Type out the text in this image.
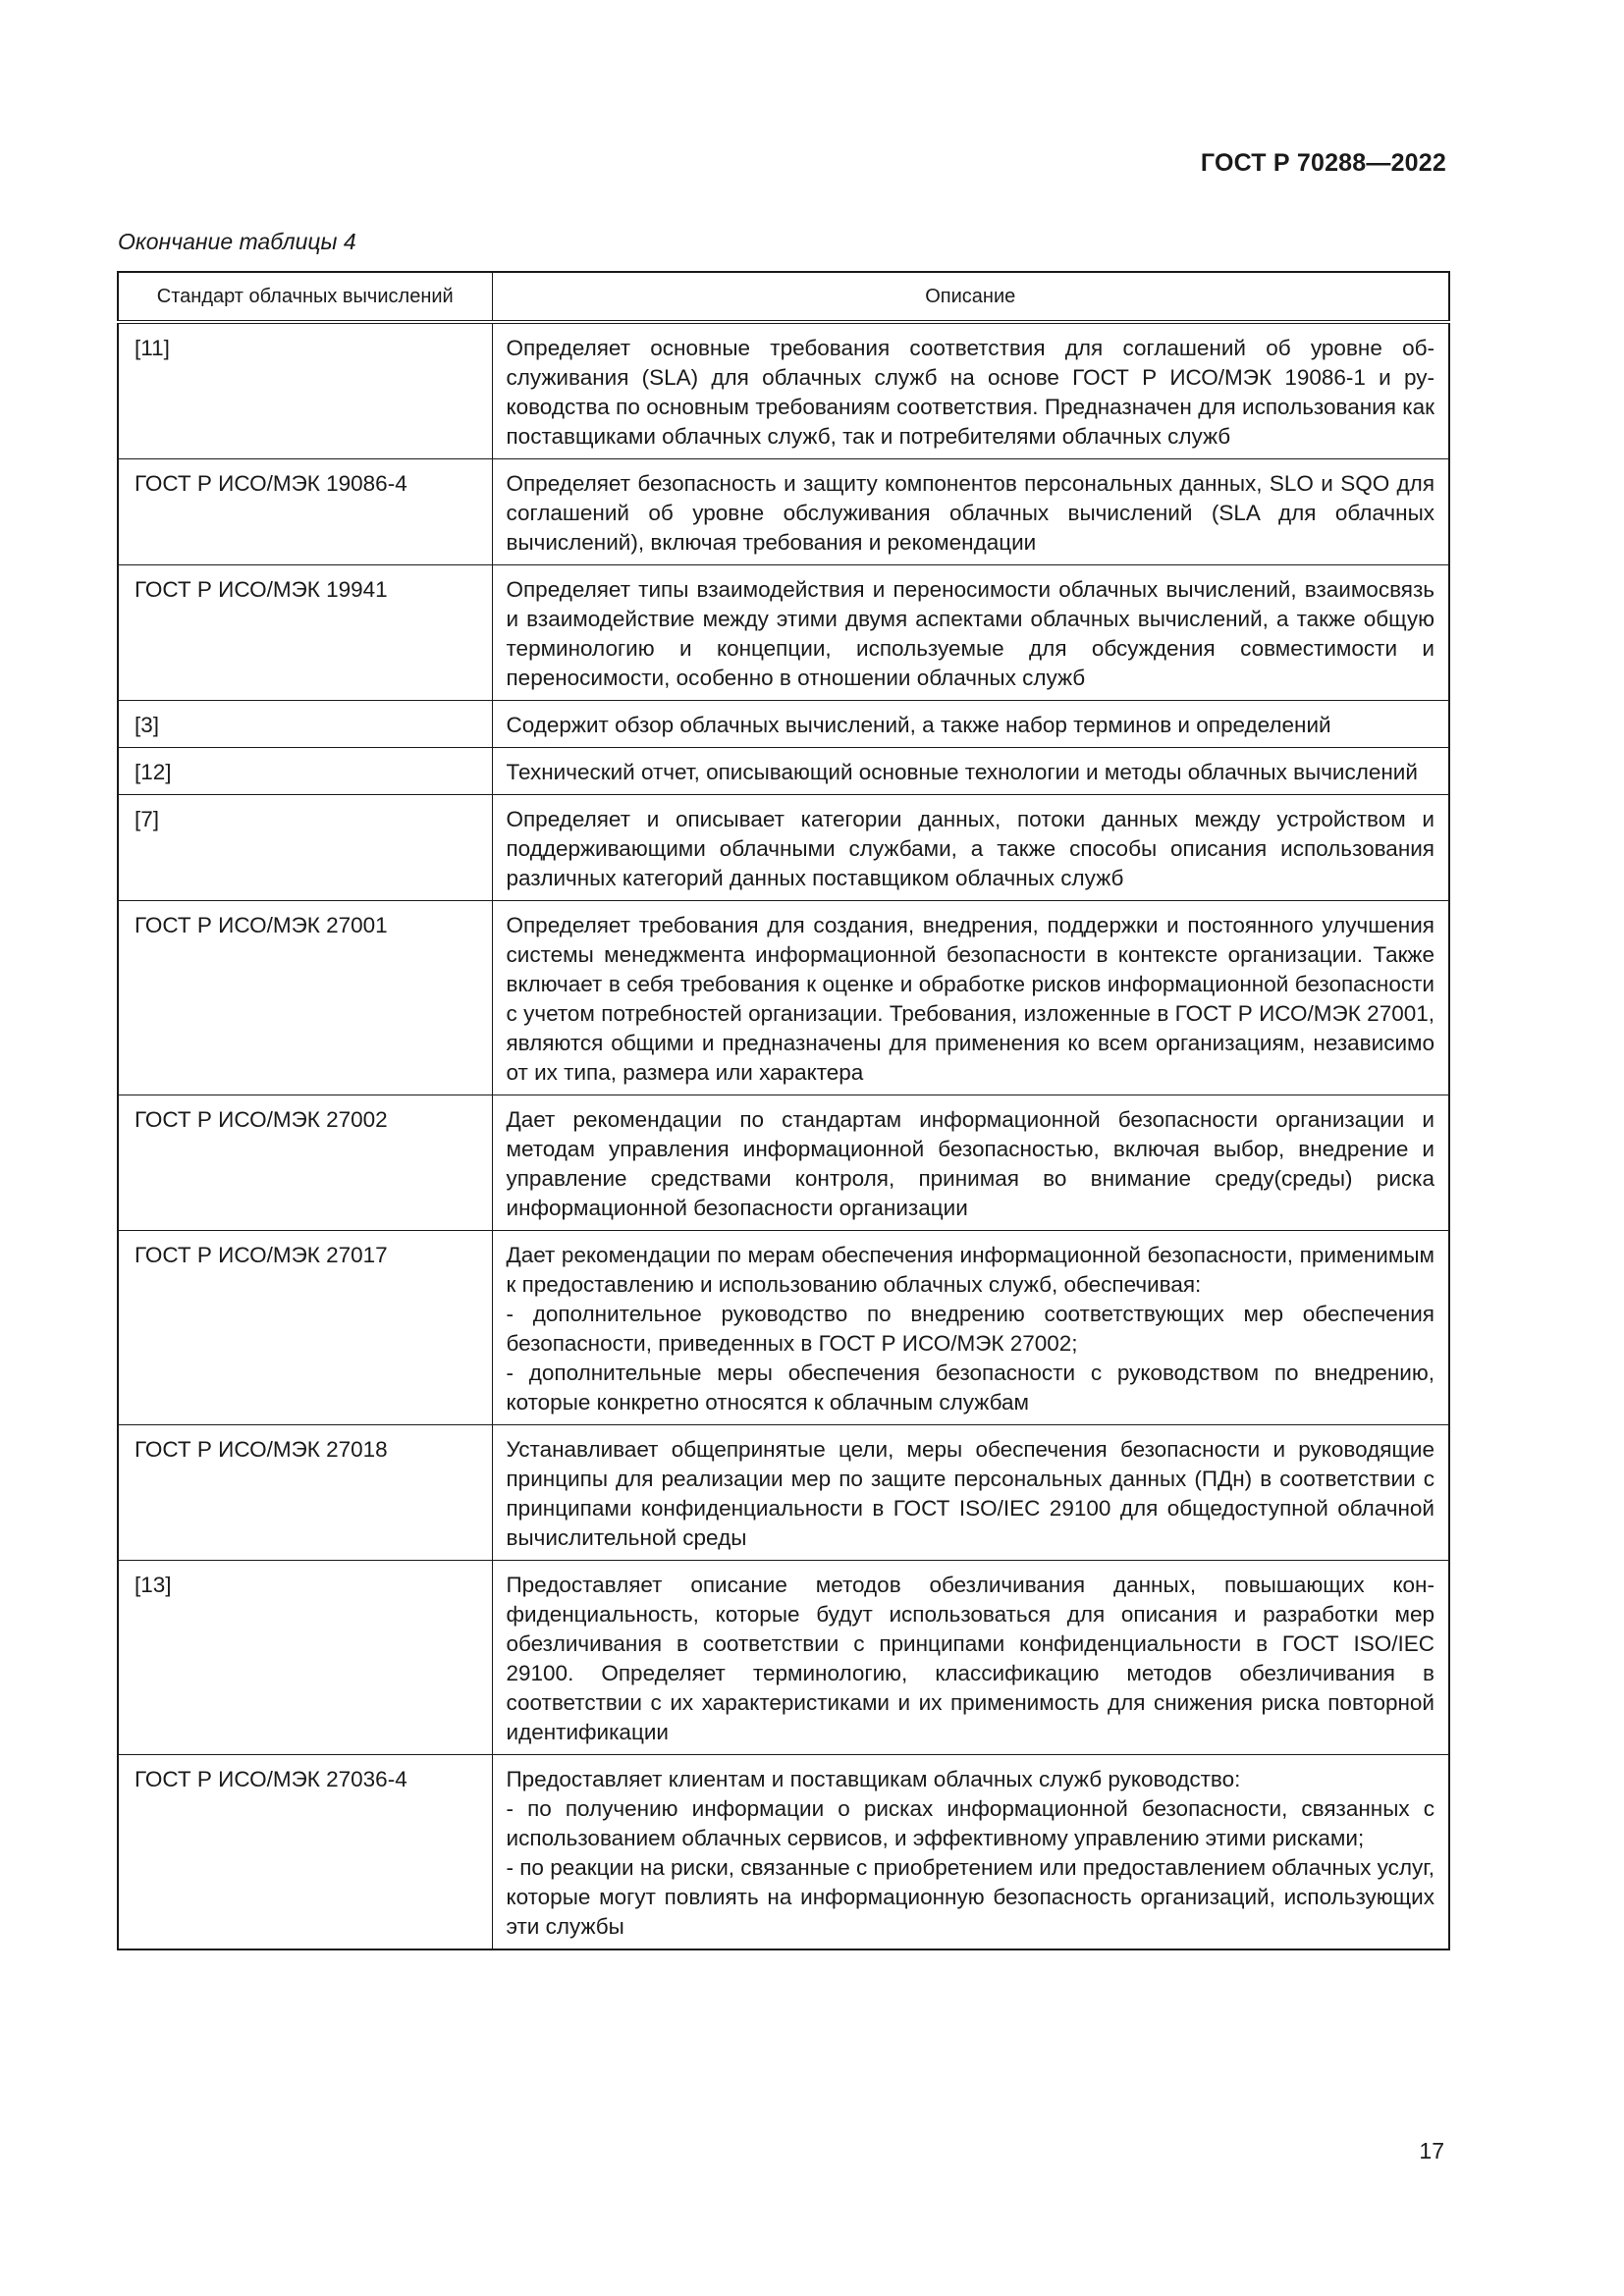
ГОСТ Р 70288—2022
Окончание таблицы 4
Стандарт облачных вычислений	Описание
[11]	Определяет основные требования соответствия для соглашений об уровне обслуживания (SLA) для облачных служб на основе ГОСТ Р ИСО/МЭК 19086-1 и руководства по основным требованиям соответствия. Предназначен для использования как поставщиками облачных служб, так и потребителями облачных служб
ГОСТ Р ИСО/МЭК 19086-4	Определяет безопасность и защиту компонентов персональных данных, SLO и SQO для соглашений об уровне обслуживания облачных вычислений (SLA для облачных вычислений), включая требования и рекомендации
ГОСТ Р ИСО/МЭК 19941	Определяет типы взаимодействия и переносимости облачных вычислений, взаимосвязь и взаимодействие между этими двумя аспектами облачных вычислений, а также общую терминологию и концепции, используемые для обсуждения совместимости и переносимости, особенно в отношении облачных служб
[3]	Содержит обзор облачных вычислений, а также набор терминов и определений
[12]	Технический отчет, описывающий основные технологии и методы облачных вычислений
[7]	Определяет и описывает категории данных, потоки данных между устройством и поддерживающими облачными службами, а также способы описания использования различных категорий данных поставщиком облачных служб
ГОСТ Р ИСО/МЭК 27001	Определяет требования для создания, внедрения, поддержки и постоянного улучшения системы менеджмента информационной безопасности в контексте организации. Также включает в себя требования к оценке и обработке рисков информационной безопасности с учетом потребностей организации. Требования, изложенные в ГОСТ Р ИСО/МЭК 27001, являются общими и предназначены для применения ко всем организациям, независимо от их типа, размера или характера
ГОСТ Р ИСО/МЭК 27002	Дает рекомендации по стандартам информационной безопасности организации и методам управления информационной безопасностью, включая выбор, внедрение и управление средствами контроля, принимая во внимание среду(среды) риска информационной безопасности организации
ГОСТ Р ИСО/МЭК 27017	Дает рекомендации по мерам обеспечения информационной безопасности, применимым к предоставлению и использованию облачных служб, обеспечивая:
- дополнительное руководство по внедрению соответствующих мер обеспечения безопасности, приведенных в ГОСТ Р ИСО/МЭК 27002;
- дополнительные меры обеспечения безопасности с руководством по внедрению, которые конкретно относятся к облачным службам
ГОСТ Р ИСО/МЭК 27018	Устанавливает общепринятые цели, меры обеспечения безопасности и руководящие принципы для реализации мер по защите персональных данных (ПДн) в соответствии с принципами конфиденциальности в ГОСТ ISO/IEC 29100 для общедоступной облачной вычислительной среды
[13]	Предоставляет описание методов обезличивания данных, повышающих конфиденциальность, которые будут использоваться для описания и разработки мер обезличивания в соответствии с принципами конфиденциальности в ГОСТ ISO/IEC 29100. Определяет терминологию, классификацию методов обезличивания в соответствии с их характеристиками и их применимость для снижения риска повторной идентификации
ГОСТ Р ИСО/МЭК 27036-4	Предоставляет клиентам и поставщикам облачных служб руководство:
- по получению информации о рисках информационной безопасности, связанных с использованием облачных сервисов, и эффективному управлению этими рисками;
- по реакции на риски, связанные с приобретением или предоставлением облачных услуг, которые могут повлиять на информационную безопасность организаций, использующих эти службы
17
